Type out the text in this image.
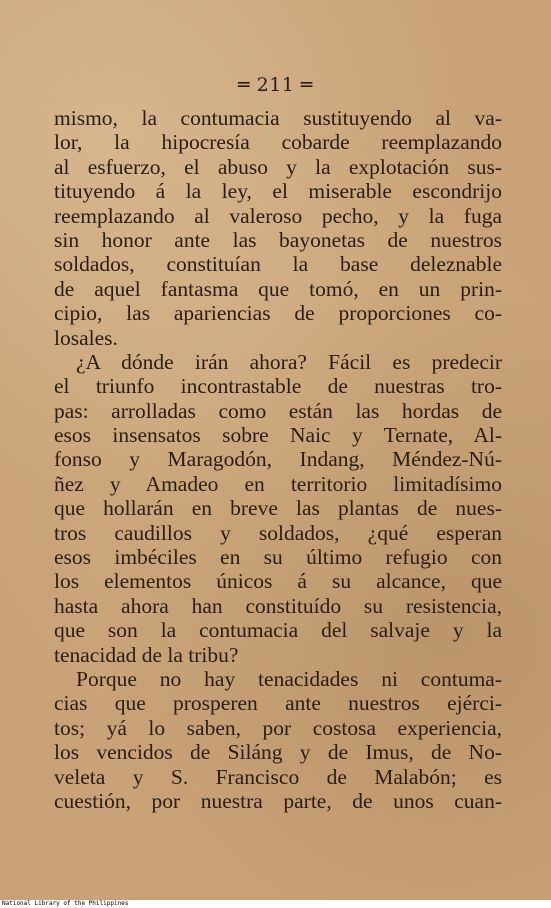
═ 211 ═
mismo, la contumacia sustituyendo al va-
lor, la hipocresía cobarde reemplazando
al esfuerzo, el abuso y la explotación sus-
tituyendo á la ley, el miserable escondrijo
reemplazando al valeroso pecho, y la fuga
sin honor ante las bayonetas de nuestros
soldados, constituían la base deleznable
de aquel fantasma que tomó, en un prin-
cipio, las apariencias de proporciones co-
losales.
¿A dónde irán ahora? Fácil es predecir
el triunfo incontrastable de nuestras tro-
pas: arrolladas como están las hordas de
esos insensatos sobre Naic y Ternate, Al-
fonso y Maragodón, Indang, Méndez-Nú-
ñez y Amadeo en territorio limitadísimo
que hollarán en breve las plantas de nues-
tros caudillos y soldados, ¿qué esperan
esos imbéciles en su último refugio con
los elementos únicos á su alcance, que
hasta ahora han constituído su resistencia,
que son la contumacia del salvaje y la
tenacidad de la tribu?
Porque no hay tenacidades ni contuma-
cias que prosperen ante nuestros ejérci-
tos; yá lo saben, por costosa experiencia,
los vencidos de Siláng y de Imus, de No-
veleta y S. Francisco de Malabón; es
cuestión, por nuestra parte, de unos cuan-
National Library of the Philippines
